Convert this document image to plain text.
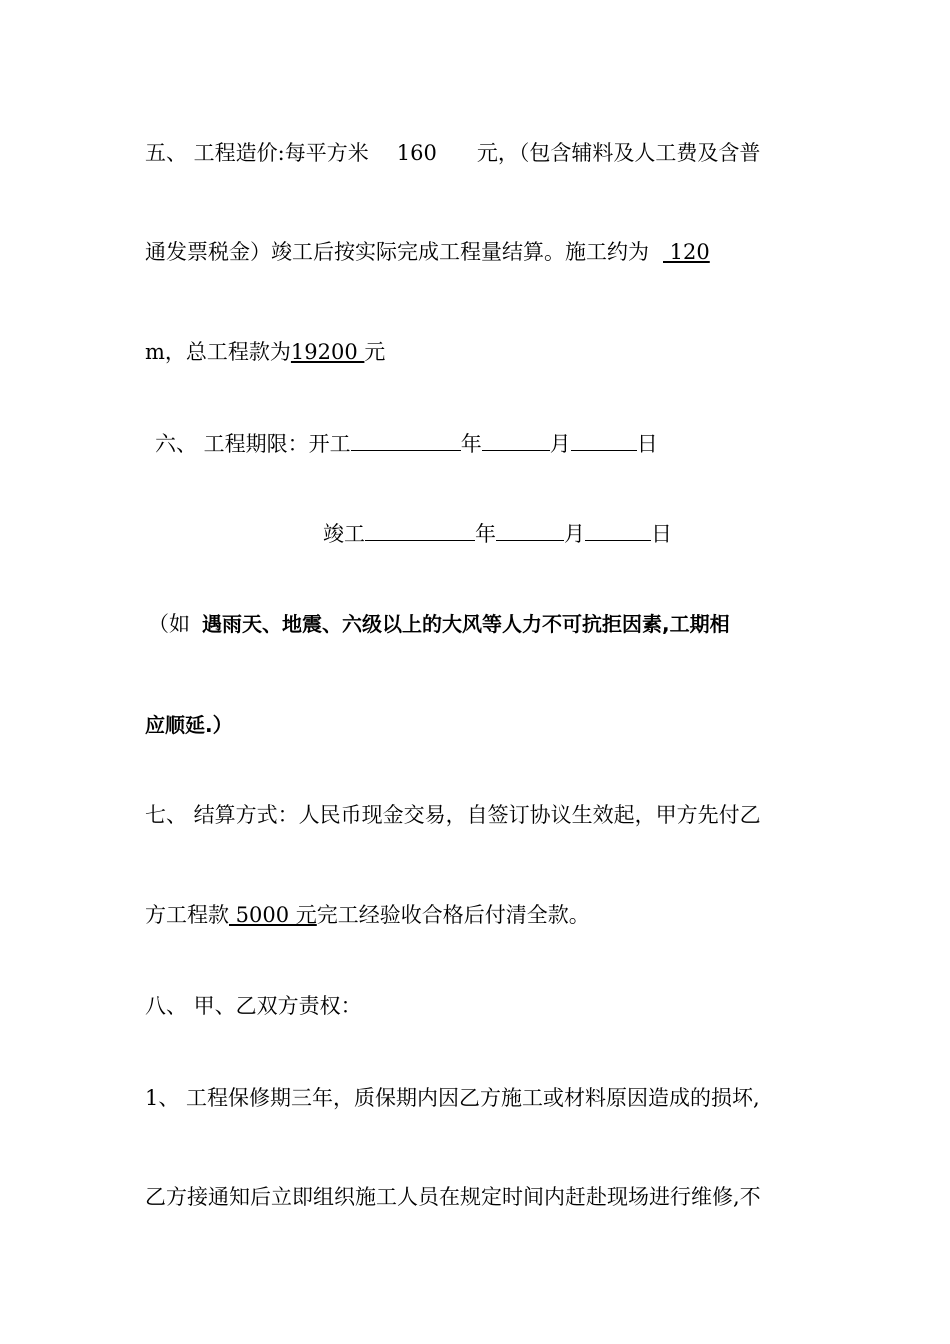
五、 工程造价:每平方米 160 元，（包含辅料及人工费及含普
通发票税金）竣工后按实际完成工程量结算。施工约为 120
m，总工程款为19200 元
六、 工程期限：开工	年	月	日
竣工	年	月	日
（如 遇雨天、地震、六级以上的大风等人力不可抗拒因素,工期相
应顺延.）
七、 结算方式：人民币现金交易，自签订协议生效起，甲方先付乙
方工程款 5000 元完工经验收合格后付清全款。
八、 甲、乙双方责权：
1、 工程保修期三年，质保期内因乙方施工或材料原因造成的损坏,
乙方接通知后立即组织施工人员在规定时间内赶赴现场进行维修,不
